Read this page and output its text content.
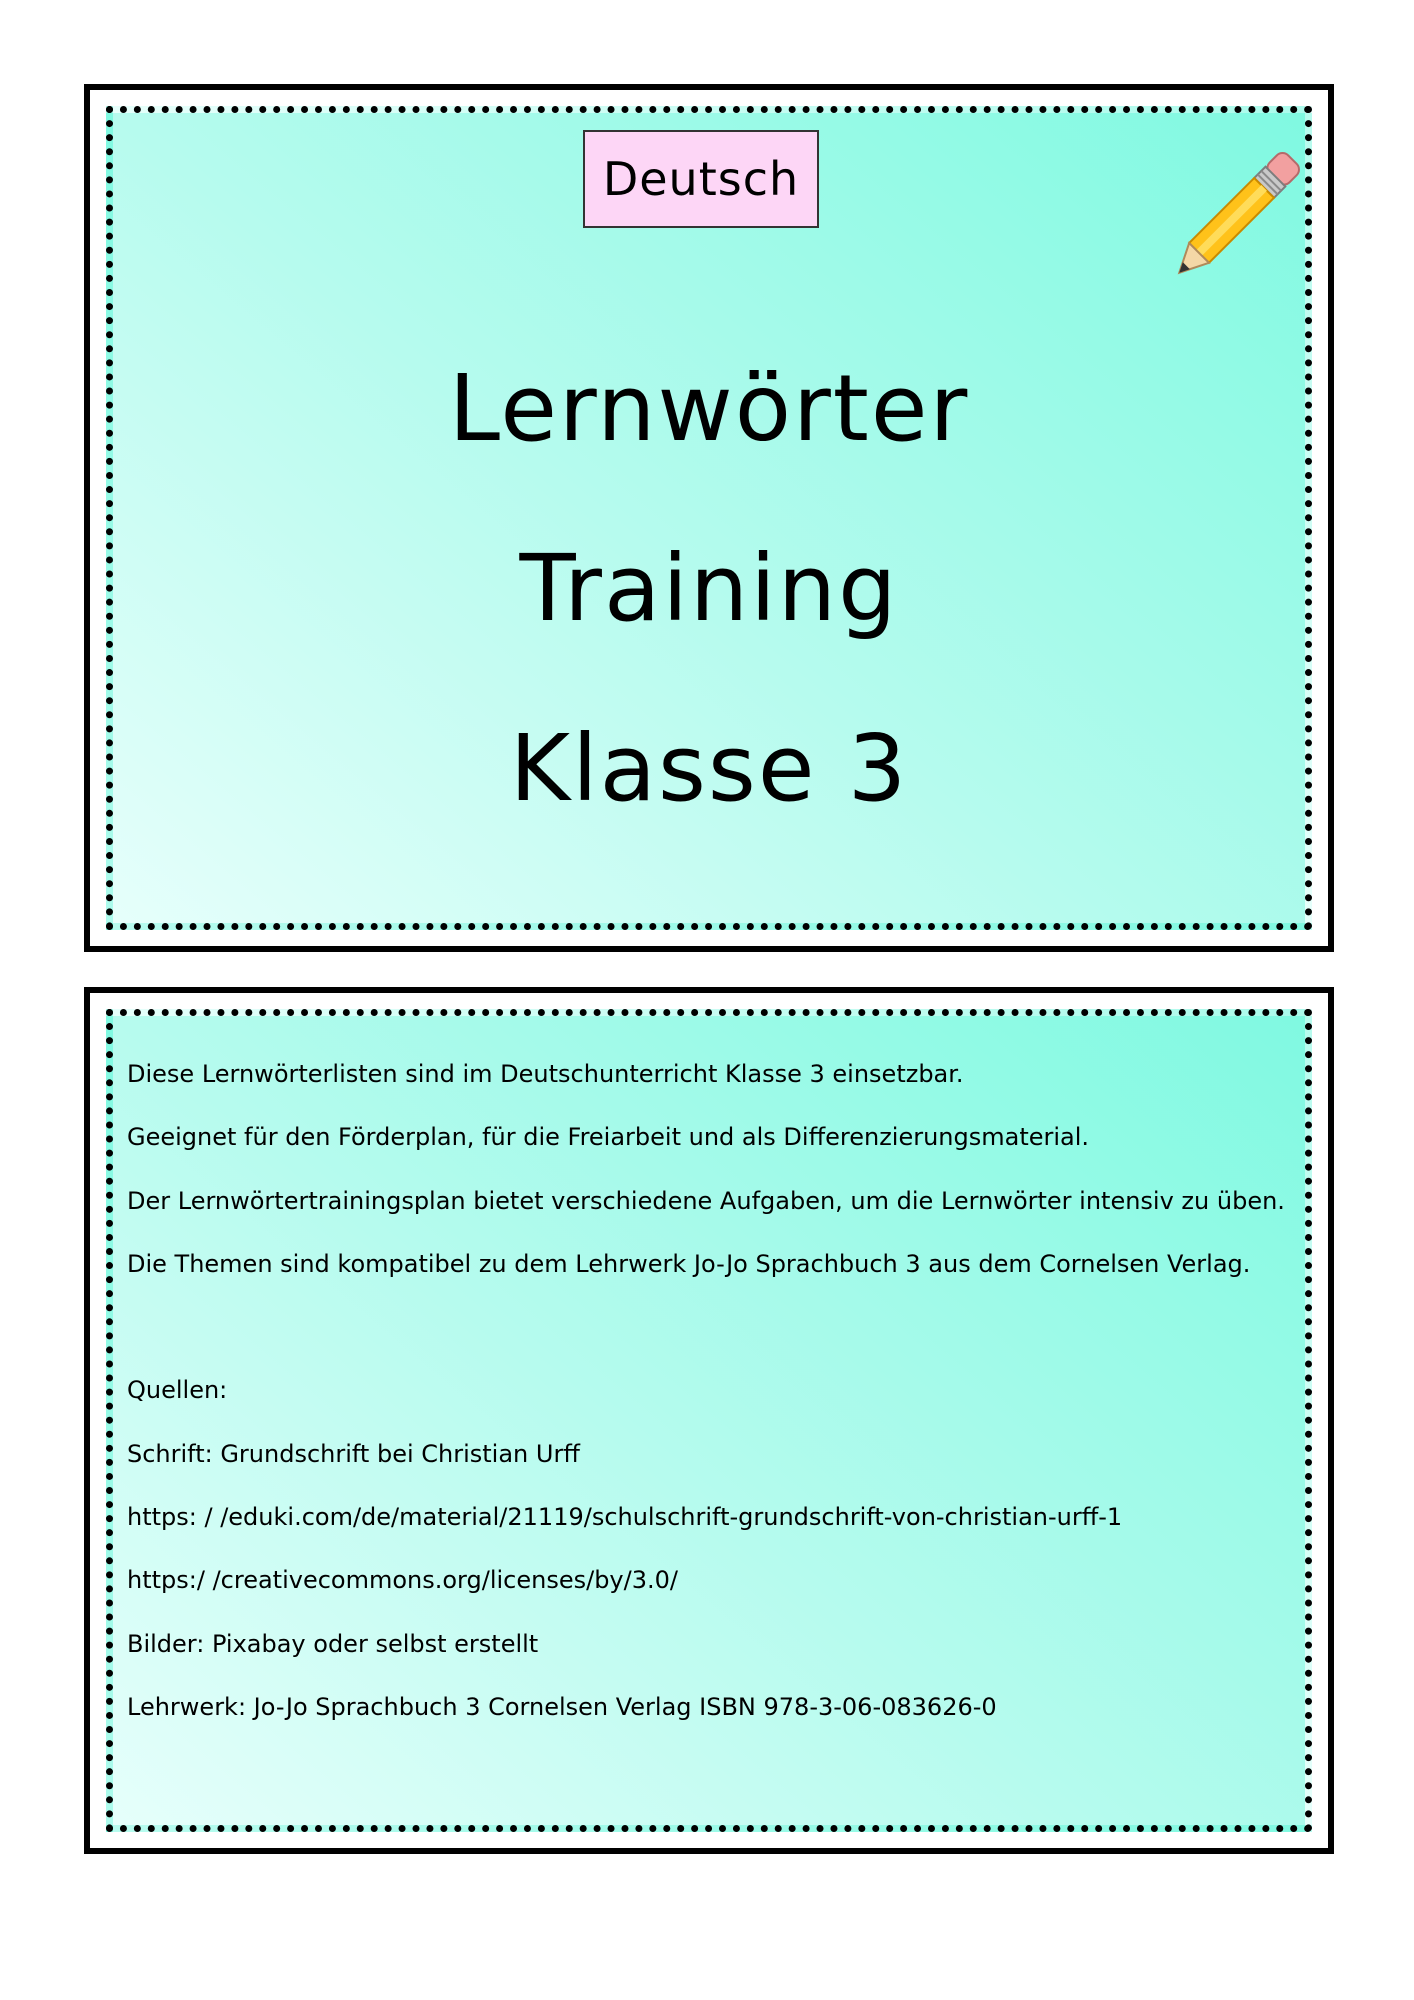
Deutsch
Lernwörter
Training
Klasse 3

Diese Lernwörterlisten sind im Deutschunterricht Klasse 3 einsetzbar.

Geeignet für den Förderplan, für die Freiarbeit und als Differenzierungsmaterial.

Der Lernwörtertrainingsplan bietet verschiedene Aufgaben, um die Lernwörter intensiv zu üben.

Die Themen sind kompatibel zu dem Lehrwerk Jo-Jo Sprachbuch 3 aus dem Cornelsen Verlag.

Quellen:

Schrift: Grundschrift bei Christian Urff

https: / /eduki.com/de/material/21119/schulschrift-grundschrift-von-christian-urff-1

https:/ /creativecommons.org/licenses/by/3.0/

Bilder: Pixabay oder selbst erstellt

Lehrwerk: Jo-Jo Sprachbuch 3 Cornelsen Verlag ISBN 978-3-06-083626-0
